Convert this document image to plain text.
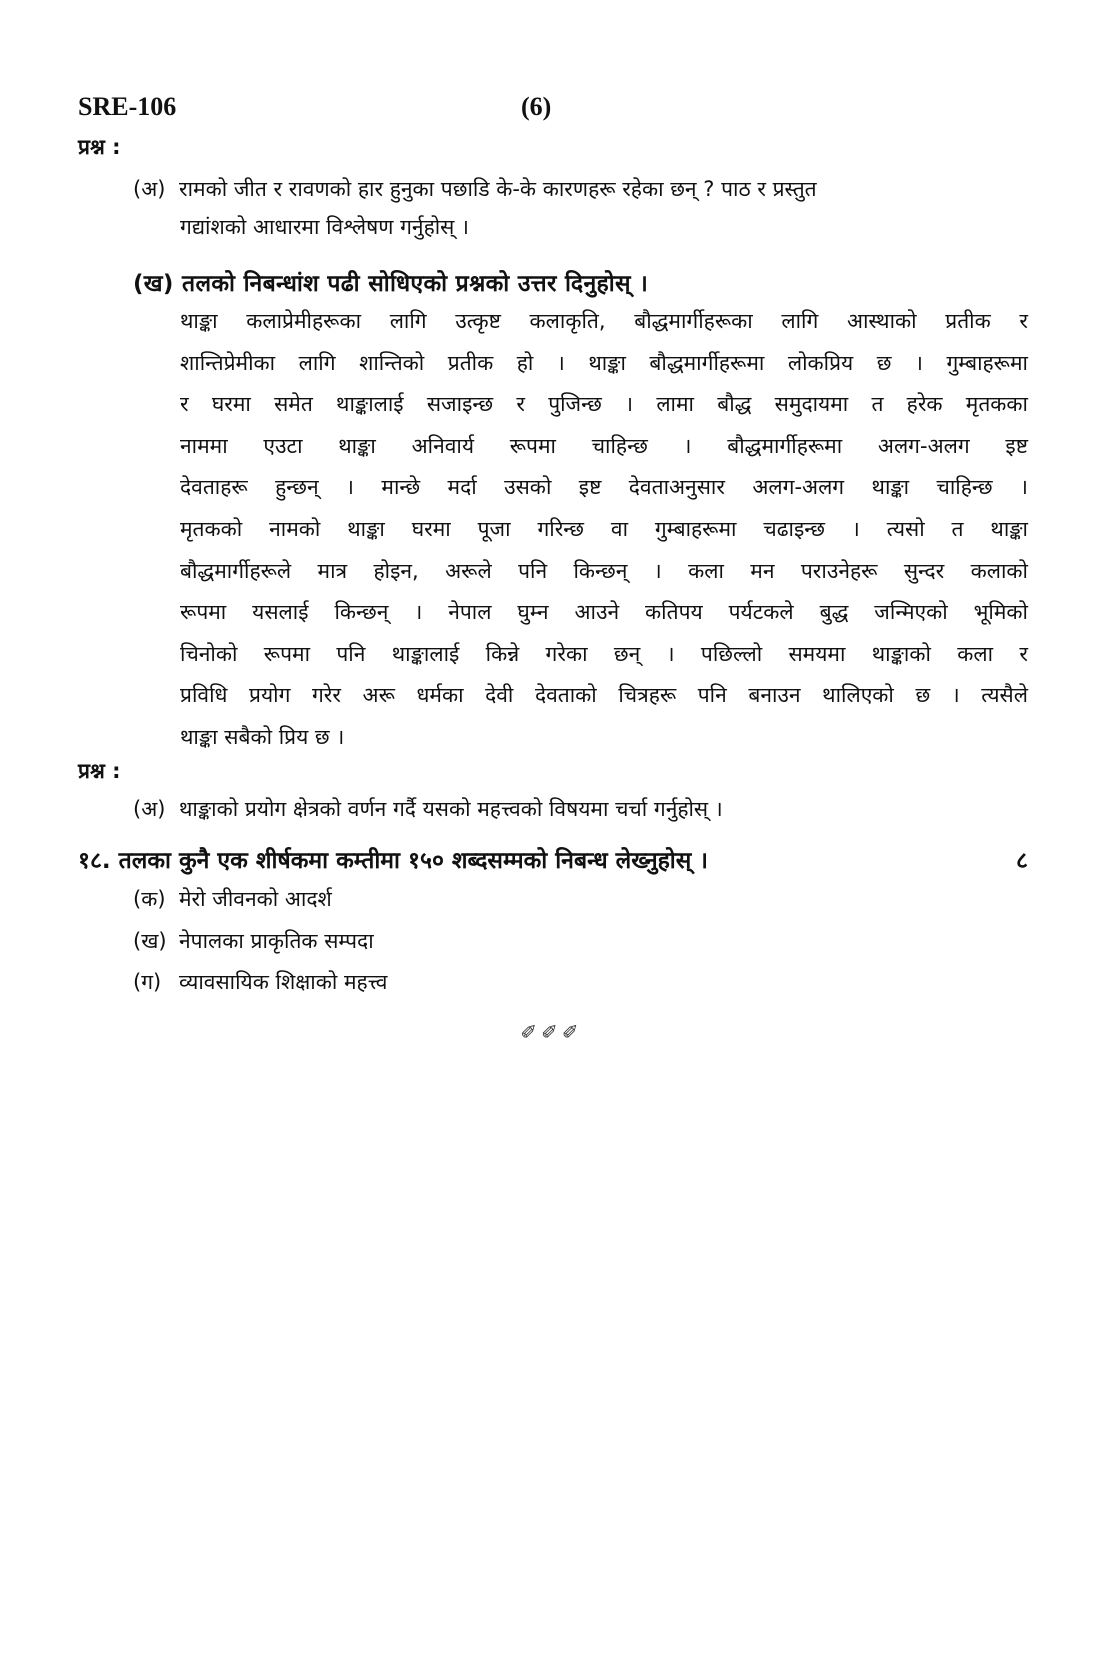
SRE-106	(6)
प्रश्न :
(अ) रामको जीत र रावणको हार हुनुका पछाडि के-के कारणहरू रहेका छन् ? पाठ र प्रस्तुत
गद्यांशको आधारमा विश्लेषण गर्नुहोस् ।
(ख) तलको निबन्धांश पढी सोधिएको प्रश्नको उत्तर दिनुहोस् ।
थाङ्का कलाप्रेमीहरूका लागि उत्कृष्ट कलाकृति, बौद्धमार्गीहरूका लागि आस्थाको प्रतीक र
शान्तिप्रेमीका लागि शान्तिको प्रतीक हो । थाङ्का बौद्धमार्गीहरूमा लोकप्रिय छ । गुम्बाहरूमा
र घरमा समेत थाङ्कालाई सजाइन्छ र पुजिन्छ । लामा बौद्ध समुदायमा त हरेक मृतकका
नाममा एउटा थाङ्का अनिवार्य रूपमा चाहिन्छ । बौद्धमार्गीहरूमा अलग-अलग इष्ट
देवताहरू हुन्छन् । मान्छे मर्दा उसको इष्ट देवताअनुसार अलग-अलग थाङ्का चाहिन्छ ।
मृतकको नामको थाङ्का घरमा पूजा गरिन्छ वा गुम्बाहरूमा चढाइन्छ । त्यसो त थाङ्का
बौद्धमार्गीहरूले मात्र होइन, अरूले पनि किन्छन् । कला मन पराउनेहरू सुन्दर कलाको
रूपमा यसलाई किन्छन् । नेपाल घुम्न आउने कतिपय पर्यटकले बुद्ध जन्मिएको भूमिको
चिनोको रूपमा पनि थाङ्कालाई किन्ने गरेका छन् । पछिल्लो समयमा थाङ्काको कला र
प्रविधि प्रयोग गरेर अरू धर्मका देवी देवताको चित्रहरू पनि बनाउन थालिएको छ । त्यसैले
थाङ्का सबैको प्रिय छ ।
प्रश्न :
(अ) थाङ्काको प्रयोग क्षेत्रको वर्णन गर्दै यसको महत्त्वको विषयमा चर्चा गर्नुहोस् ।
१८. तलका कुनै एक शीर्षकमा कम्तीमा १५० शब्दसम्मको निबन्ध लेख्नुहोस् ।	८
(क) मेरो जीवनको आदर्श
(ख) नेपालका प्राकृतिक सम्पदा
(ग) व्यावसायिक शिक्षाको महत्त्व
✐✐✐
